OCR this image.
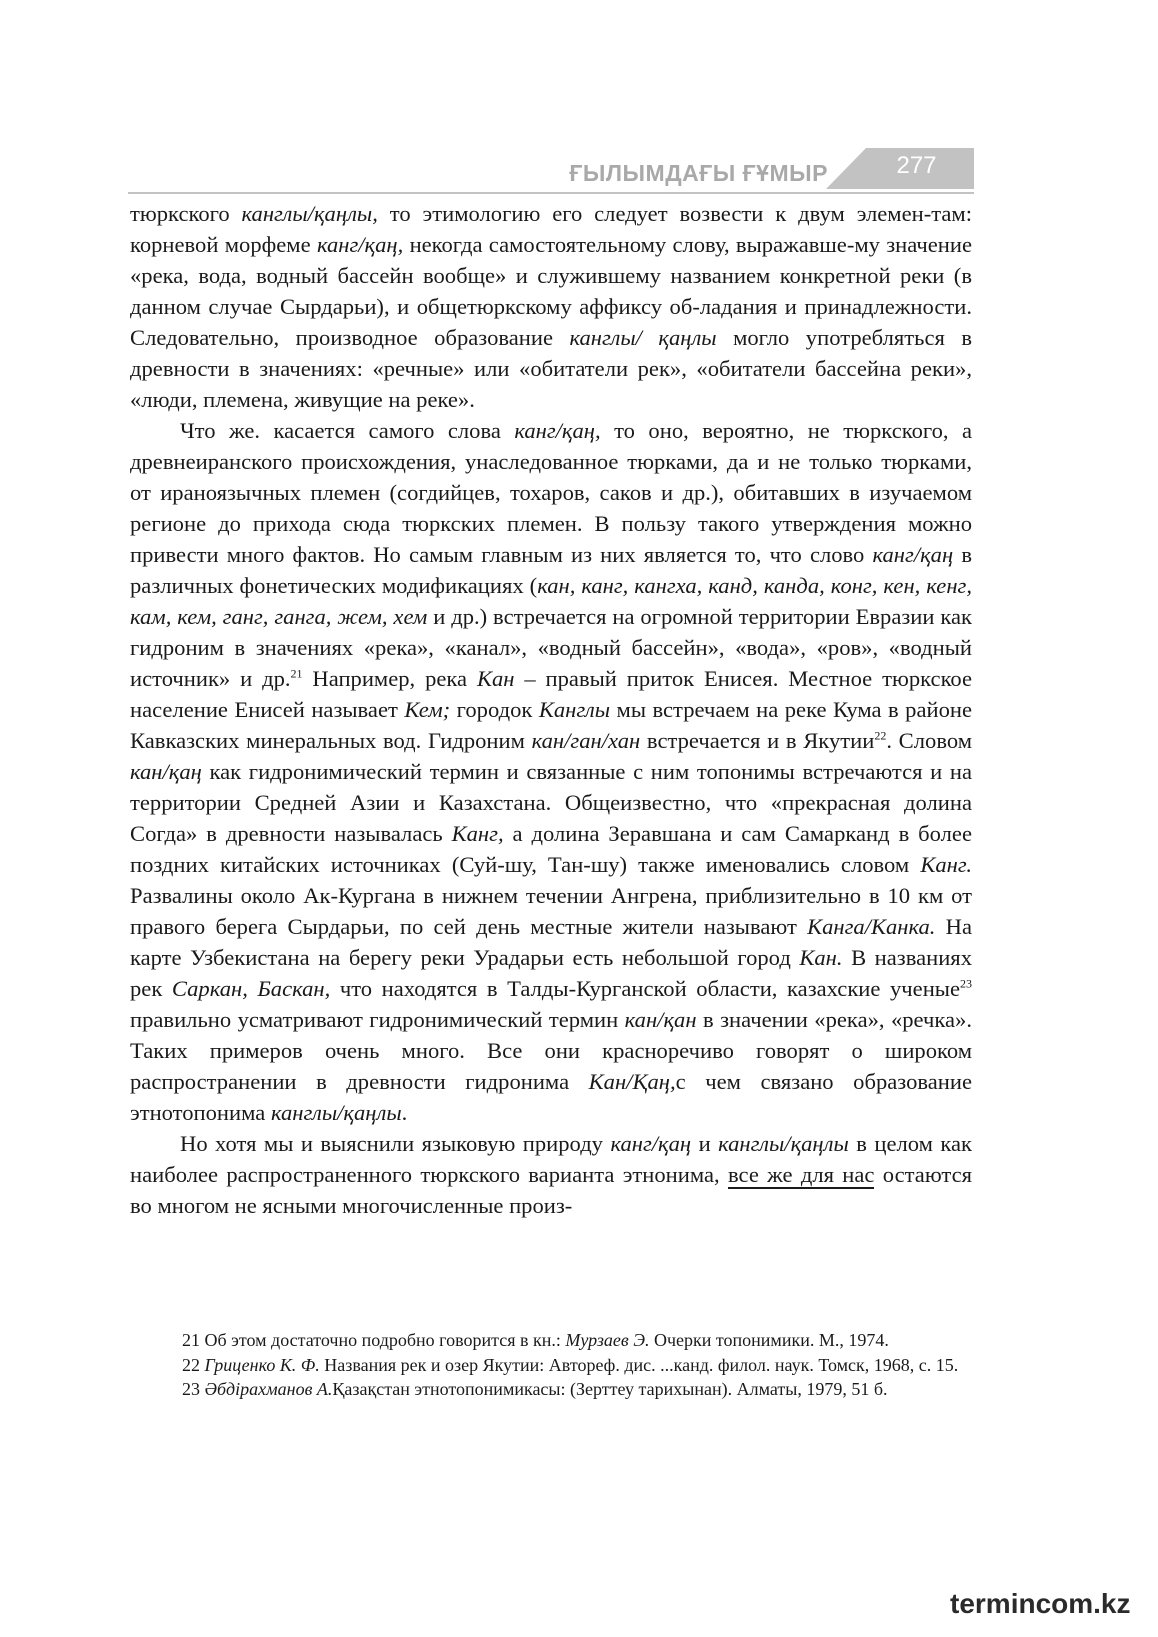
ҒЫЛЫМДАҒЫ ҒҰМЫР	277

тюркского канглы/қаңлы, то этимологию его следует возвести к двум элемен-там: корневой морфеме канг/қаң, некогда самостоятельному слову, выражавше-му значение «река, вода, водный бассейн вообще» и служившему названием конкретной реки (в данном случае Сырдарьи), и общетюркскому аффиксу об-ладания и принадлежности. Следовательно, производное образование канглы/ қаңлы могло употребляться в древности в значениях: «речные» или «обитатели рек», «обитатели бассейна реки», «люди, племена, живущие на реке».

Что же. касается самого слова канг/қаң, то оно, вероятно, не тюркского, а древнеиранского происхождения, унаследованное тюрками, да и не только тюрками, от ираноязычных племен (согдийцев, тохаров, саков и др.), обитавших в изучаемом регионе до прихода сюда тюркских племен. В пользу такого утверждения можно привести много фактов. Но самым главным из них является то, что слово канг/қаң в различных фонетических модификациях (кан, канг, кангха, канд, канда, конг, кен, кенг, кам, кем, ганг, ганга, жем, хем и др.) встречается на огромной территории Евразии как гидроним в значениях «река», «канал», «водный бассейн», «вода», «ров», «водный источник» и др.$^{21}$ Например, река Кан – правый приток Енисея. Местное тюркское население Енисей называет Кем; городок Канглы мы встречаем на реке Кума в районе Кавказских минеральных вод. Гидроним кан/ган/хан встречается и в Якутии$^{22}$. Словом кан/қаң как гидронимический термин и связанные с ним топонимы встречаются и на территории Средней Азии и Казахстана. Общеизвестно, что «прекрасная долина Согда» в древности называлась Канг, а долина Зеравшана и сам Самарканд в более поздних китайских источниках (Суй-шу, Тан-шу) также именовались словом Канг. Развалины около Ак-Кургана в нижнем течении Ангрена, приблизительно в 10 км от правого берега Сырдарьи, по сей день местные жители называют Канга/Канка. На карте Узбекистана на берегу реки Урадарьи есть небольшой город Кан. В названиях рек Саркан, Баскан, что находятся в Талды-Курганской области, казахские ученые$^{23}$ правильно усматривают гидронимический термин кан/қан в значении «река», «речка». Таких примеров очень много. Все они красноречиво говорят о широком распространении в древности гидронима Кан/Қаң,с чем связано образование этнотопонима канглы/қаңлы.

Но хотя мы и выяснили языковую природу канг/қаң и канглы/қаңлы в целом как наиболее распространенного тюркского варианта этнонима, все же для нас остаются во многом не ясными многочисленные произ-

21 Об этом достаточно подробно говорится в кн.: Мурзаев Э. Очерки топонимики. М., 1974.

22 Гриценко К. Ф. Названия рек и озер Якутии: Автореф. дис. ...канд. филол. наук. Томск, 1968, с. 15.

23 Әбдірахманов А.Қазақстан этнотопонимикасы: (Зерттеу тарихынан). Алматы, 1979, 51 б.

termincom.kz
